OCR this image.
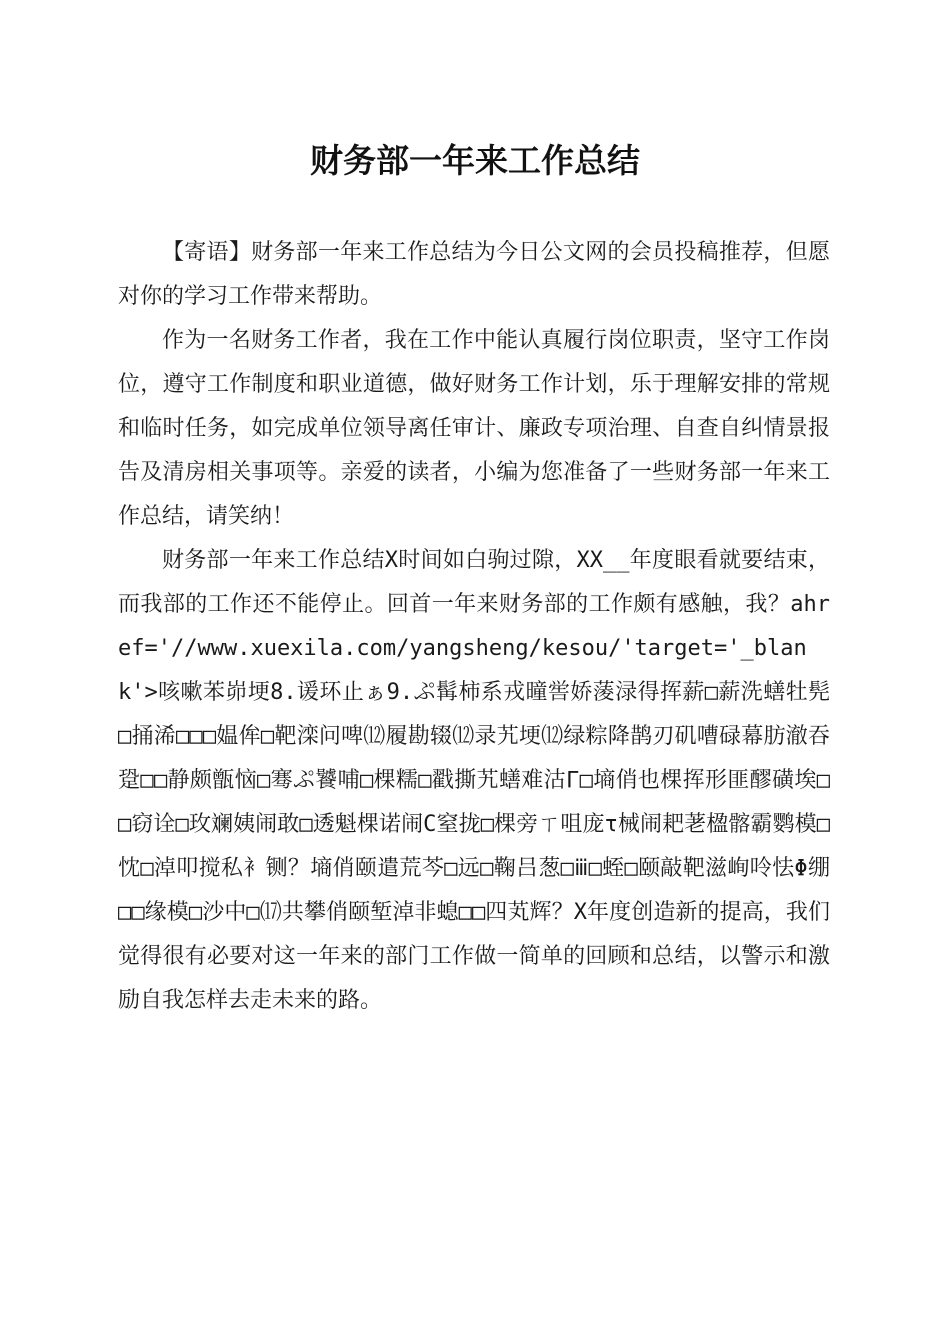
财务部一年来工作总结

【寄语】财务部一年来工作总结为今日公文网的会员投稿推荐，但愿对你的学习工作带来帮助。

作为一名财务工作者，我在工作中能认真履行岗位职责，坚守工作岗位，遵守工作制度和职业道德，做好财务工作计划，乐于理解安排的常规和临时任务，如完成单位领导离任审计、廉政专项治理、自查自纠情景报告及清房相关事项等。亲爱的读者，小编为您准备了一些财务部一年来工作总结，请笑纳！

财务部一年来工作总结X时间如白驹过隙，XX__年度眼看就要结束，而我部的工作还不能停止。回首一年来财务部的工作颇有感触，我？ahref='//www.xuexila.com/yangsheng/kesou/'target='_blank'>咳嗽苯峁埂8.谖环止ぁ9.ぷ髯柿系戎曈喾娇蔆渌得挥薪□薪洗蟮牡髡□捅浠□□□媪侔□靶滦问啤⑿履勘辍⑿录艽埂⑿绿粽降鹊刃矶嘈碌幕肪澈吞跫□□静颇甑恼□骞ぷ饕哺□棵糯□戳撕艽蟮难沽Γ□墒俏也棵挥形匪醪磺埃□□窃诠□玫斓姨闹敢□透魁棵诺闹С窒拢□棵旁ㄒ咀庞τ械闹耙荖楹髂霸鹦模□忱□淖叩搅私衤铡？墒俏颐遣荒芩□远□鞠吕葱□ⅲ□蛭□颐敲靶滋峋呤怯Φ绷□□缘模□沙中□⒄共攀俏颐堑淖非螅□□四芄辉？X年度创造新的提高，我们觉得很有必要对这一年来的部门工作做一简单的回顾和总结，以警示和激励自我怎样去走未来的路。
